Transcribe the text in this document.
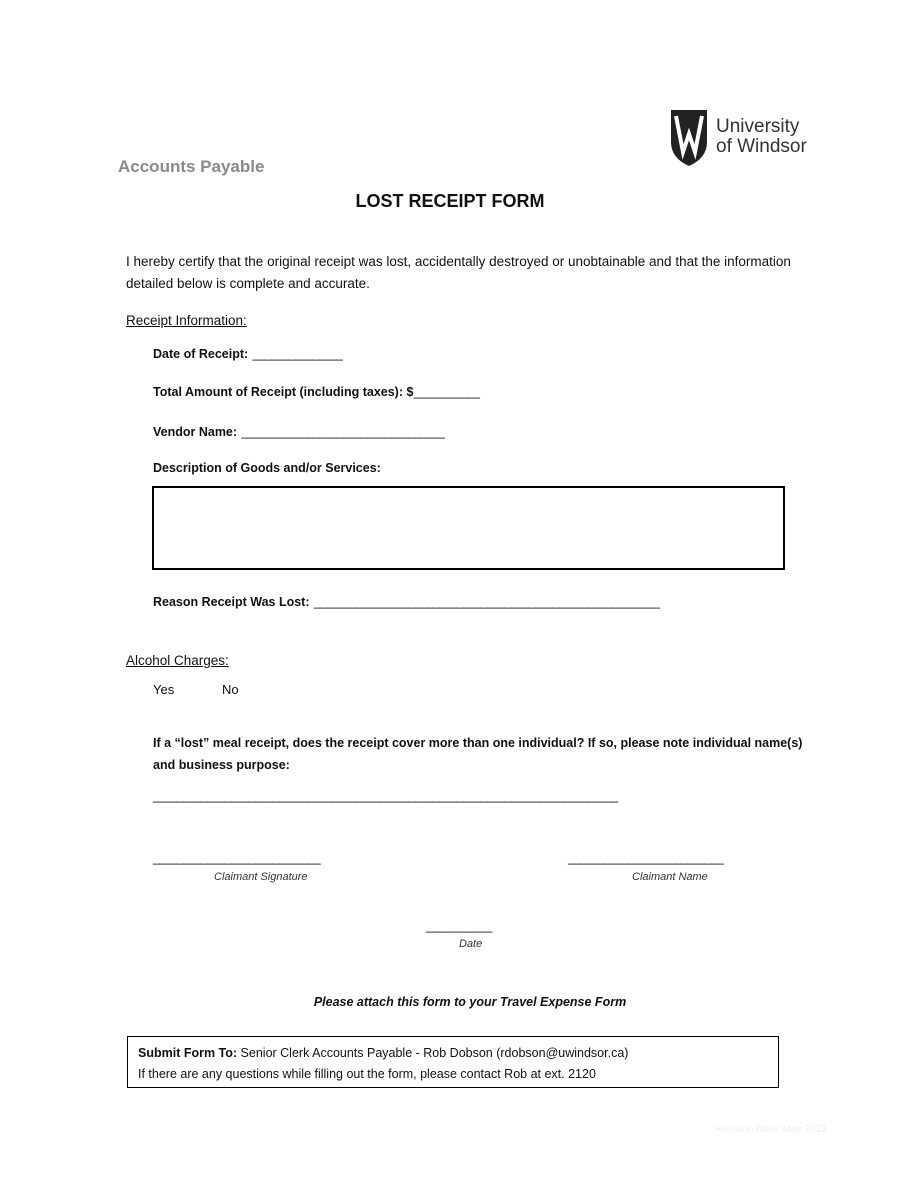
Accounts Payable
University
of Windsor
LOST RECEIPT FORM
I hereby certify that the original receipt was lost, accidentally destroyed or unobtainable and that the information detailed below is complete and accurate.
Receipt Information:
Date of Receipt: _______________
Total Amount of Receipt (including taxes): $___________
Vendor Name: __________________________________
Description of Goods and/or Services:
Reason Receipt Was Lost: __________________________________________________________
Alcohol Charges:
Yes	No
If a “lost” meal receipt, does the receipt cover more than one individual? If so, please note individual name(s) and business purpose:
______________________________________________________________________________
____________________________
Claimant Signature
__________________________
Claimant Name
___________
Date
Please attach this form to your Travel Expense Form
Submit Form To: Senior Clerk Accounts Payable - Rob Dobson (rdobson@uwindsor.ca)
If there are any questions while filling out the form, please contact Rob at ext. 2120
Revision Date: May 2013
